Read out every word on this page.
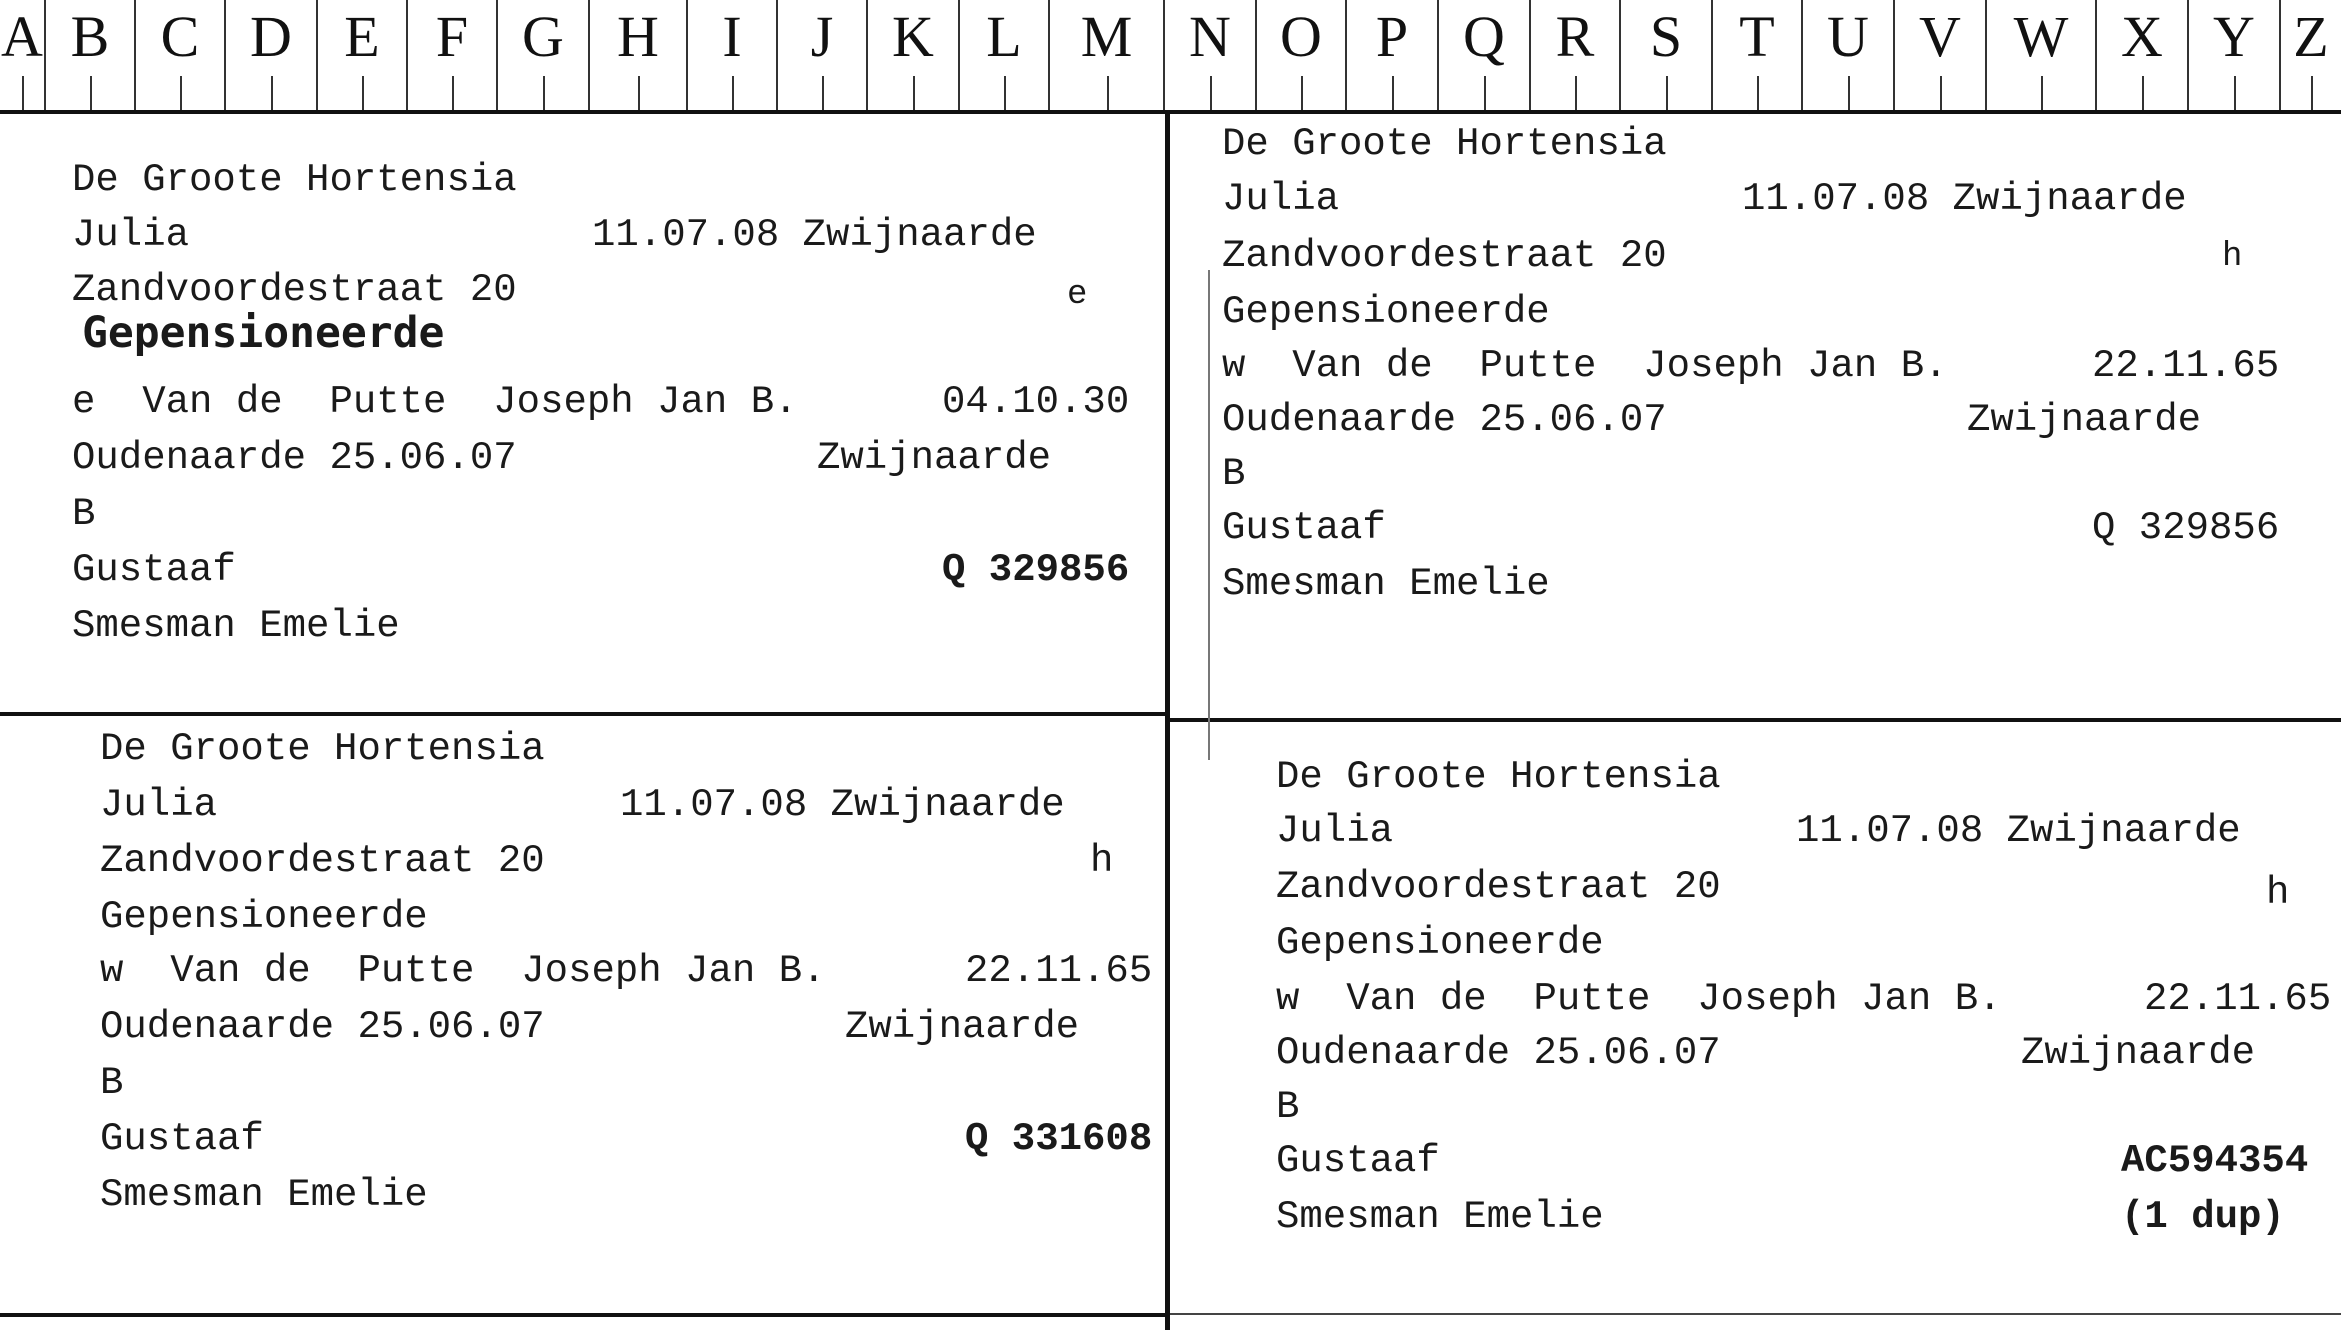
A B C D E F G H	I	J	K L	M N O P Q R S T U V W X Y Z
De Groote Hortensia
Julia	11.07.08 Zwijnaarde
Zandvoordestraat 20	e
Gepensioneerde
e  Van de  Putte  Joseph Jan B.	04.10.30
Oudenaarde 25.06.07	Zwijnaarde
B
Gustaaf	Q 329856
Smesman Emelie
De Groote Hortensia
Julia	11.07.08 Zwijnaarde
Zandvoordestraat 20	h
Gepensioneerde
w  Van de  Putte  Joseph Jan B.	22.11.65
Oudenaarde 25.06.07	Zwijnaarde
B
Gustaaf	Q 329856
Smesman Emelie
De Groote Hortensia
Julia	11.07.08 Zwijnaarde
Zandvoordestraat 20	h
Gepensioneerde
w  Van de  Putte  Joseph Jan B.	22.11.65
Oudenaarde 25.06.07	Zwijnaarde
B
Gustaaf	Q 331608
Smesman Emelie
De Groote Hortensia
Julia	11.07.08 Zwijnaarde
Zandvoordestraat 20	h
Gepensioneerde
w  Van de  Putte  Joseph Jan B.	22.11.65
Oudenaarde 25.06.07	Zwijnaarde
B
Gustaaf	AC594354
(1 dup)
Smesman Emelie
